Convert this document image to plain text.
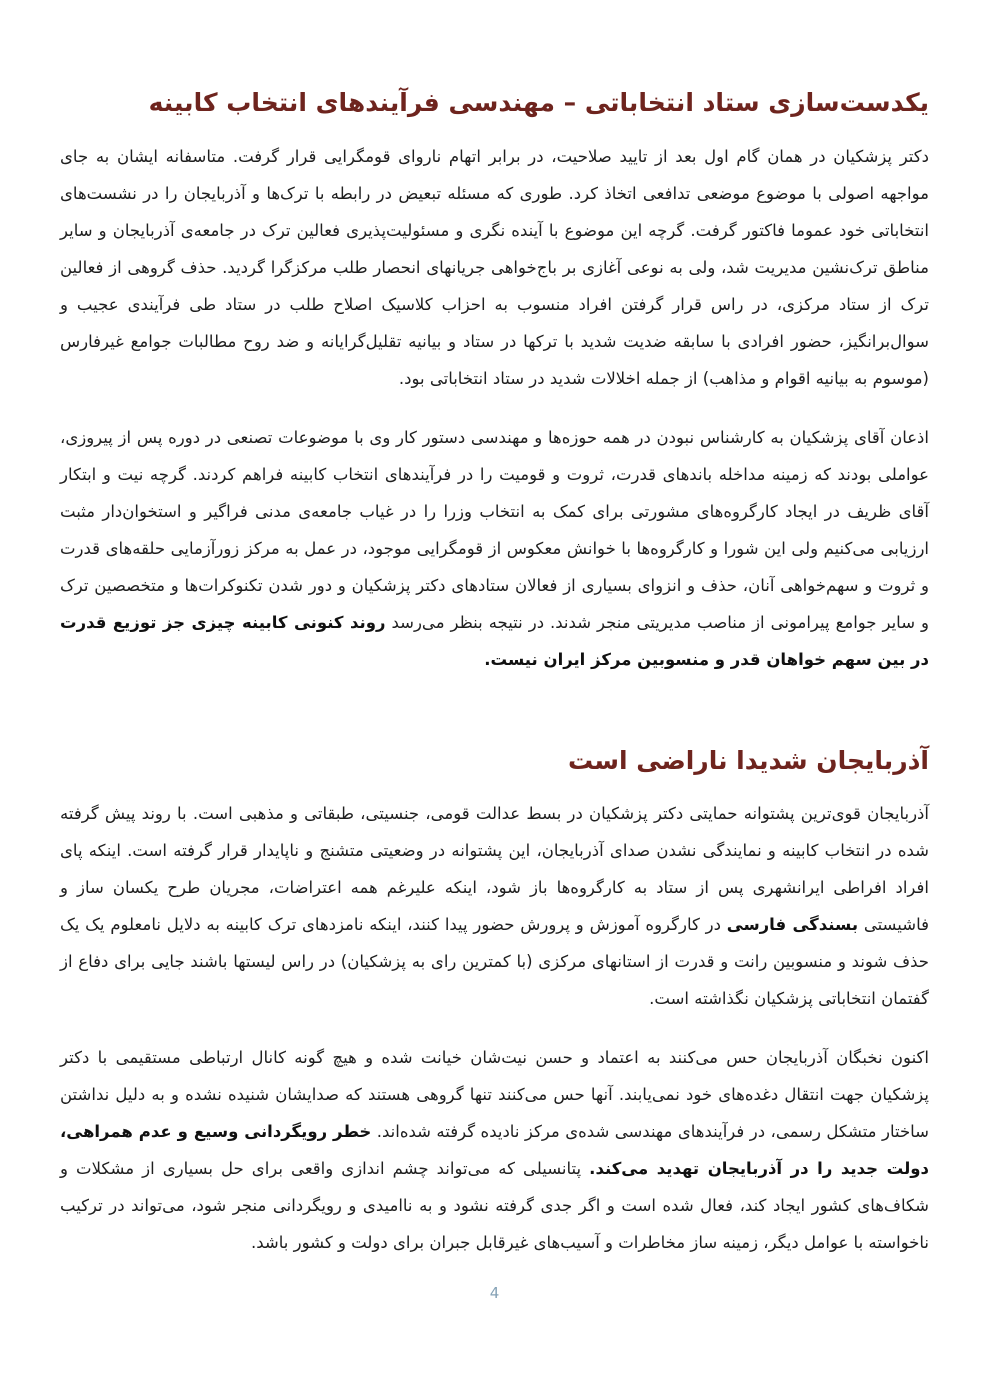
یکدست‌سازی ستاد انتخاباتی – مهندسی فرآیندهای انتخاب کابینه

دکتر پزشکیان در همان گام اول بعد از تایید صلاحیت، در برابر اتهام ناروای قومگرایی قرار گرفت. متاسفانه ایشان به جای مواجهه اصولی با موضوع موضعی تدافعی اتخاذ کرد. طوری که مسئله تبعیض در رابطه با ترک‌ها و آذربایجان را در نشست‌های انتخاباتی خود عموما فاکتور گرفت. گرچه این موضوع با آینده نگری و مسئولیت‌پذیری فعالین ترک در جامعه‌ی آذربایجان و سایر مناطق ترک‌نشین مدیریت شد، ولی به نوعی آغازی بر باج‌خواهی جریانهای انحصار طلب مرکزگرا گردید. حذف گروهی از فعالین ترک از ستاد مرکزی، در راس قرار گرفتن افراد منسوب به احزاب کلاسیک اصلاح طلب در ستاد طی فرآیندی عجیب و سوال‌برانگیز، حضور افرادی با سابقه ضدیت شدید با ترکها در ستاد و بیانیه تقلیل‌گرایانه و ضد روح مطالبات جوامع غیرفارس (موسوم به بیانیه اقوام و مذاهب) از جمله اخلالات شدید در ستاد انتخاباتی بود.

اذعان آقای پزشکیان به کارشناس نبودن در همه حوزه‌ها و مهندسی دستور کار وی با موضوعات تصنعی در دوره پس از پیروزی، عواملی بودند که زمینه مداخله باندهای قدرت، ثروت و قومیت را در فرآیندهای انتخاب کابینه فراهم کردند. گرچه نیت و ابتکار آقای ظریف در ایجاد کارگروه‌های مشورتی برای کمک به انتخاب وزرا را در غیاب جامعه‌ی مدنی فراگیر و استخوان‌دار مثبت ارزیابی می‌کنیم ولی این شورا و کارگروه‌ها با خوانش معکوس از قومگرایی موجود، در عمل به مرکز زورآزمایی حلقه‌های قدرت و ثروت و سهم‌خواهی آنان، حذف و انزوای بسیاری از فعالان ستادهای دکتر پزشکیان و دور شدن تکنوکرات‌ها و متخصصین ترک و سایر جوامع پیرامونی از مناصب مدیریتی منجر شدند. در نتیجه بنظر می‌رسد روند کنونی کابینه چیزی جز توزیع قدرت در بین سهم خواهان قدر و منسوبین مرکز ایران نیست.

آذربایجان شدیدا ناراضی است

آذربایجان قوی‌ترین پشتوانه حمایتی دکتر پزشکیان در بسط عدالت قومی، جنسیتی، طبقاتی و مذهبی است. با روند پیش گرفته شده در انتخاب کابینه و نمایندگی نشدن صدای آذربایجان، این پشتوانه در وضعیتی متشنج و ناپایدار قرار گرفته است. اینکه پای افراد افراطی ایرانشهری پس از ستاد به کارگروه‌ها باز شود، اینکه علیرغم همه اعتراضات، مجریان طرح یکسان ساز و فاشیستی بسندگی فارسی در کارگروه آموزش و پرورش حضور پیدا کنند، اینکه نامزدهای ترک کابینه به دلایل نامعلوم یک یک حذف شوند و منسوبین رانت و قدرت از استانهای مرکزی (با کمترین رای به پزشکیان) در راس لیستها باشند جایی برای دفاع از گفتمان انتخاباتی پزشکیان نگذاشته است.

اکنون نخبگان آذربایجان حس می‌کنند به اعتماد و حسن نیت‌شان خیانت شده و هیچ گونه کانال ارتباطی مستقیمی با دکتر پزشکیان جهت انتقال دغده‌های خود نمی‌یابند. آنها حس می‌کنند تنها گروهی هستند که صدایشان شنیده نشده و به دلیل نداشتن ساختار متشکل رسمی، در فرآیندهای مهندسی شده‌ی مرکز نادیده گرفته شده‌اند. خطر رویگردانی وسیع و عدم همراهی، دولت جدید را در آذربایجان تهدید می‌کند. پتانسیلی که می‌تواند چشم اندازی واقعی برای حل بسیاری از مشکلات و شکاف‌های کشور ایجاد کند، فعال شده است و اگر جدی گرفته نشود و به ناامیدی و رویگردانی منجر شود، می‌تواند در ترکیب ناخواسته با عوامل دیگر، زمینه ساز مخاطرات و آسیب‌های غیرقابل جبران برای دولت و کشور باشد.

4
